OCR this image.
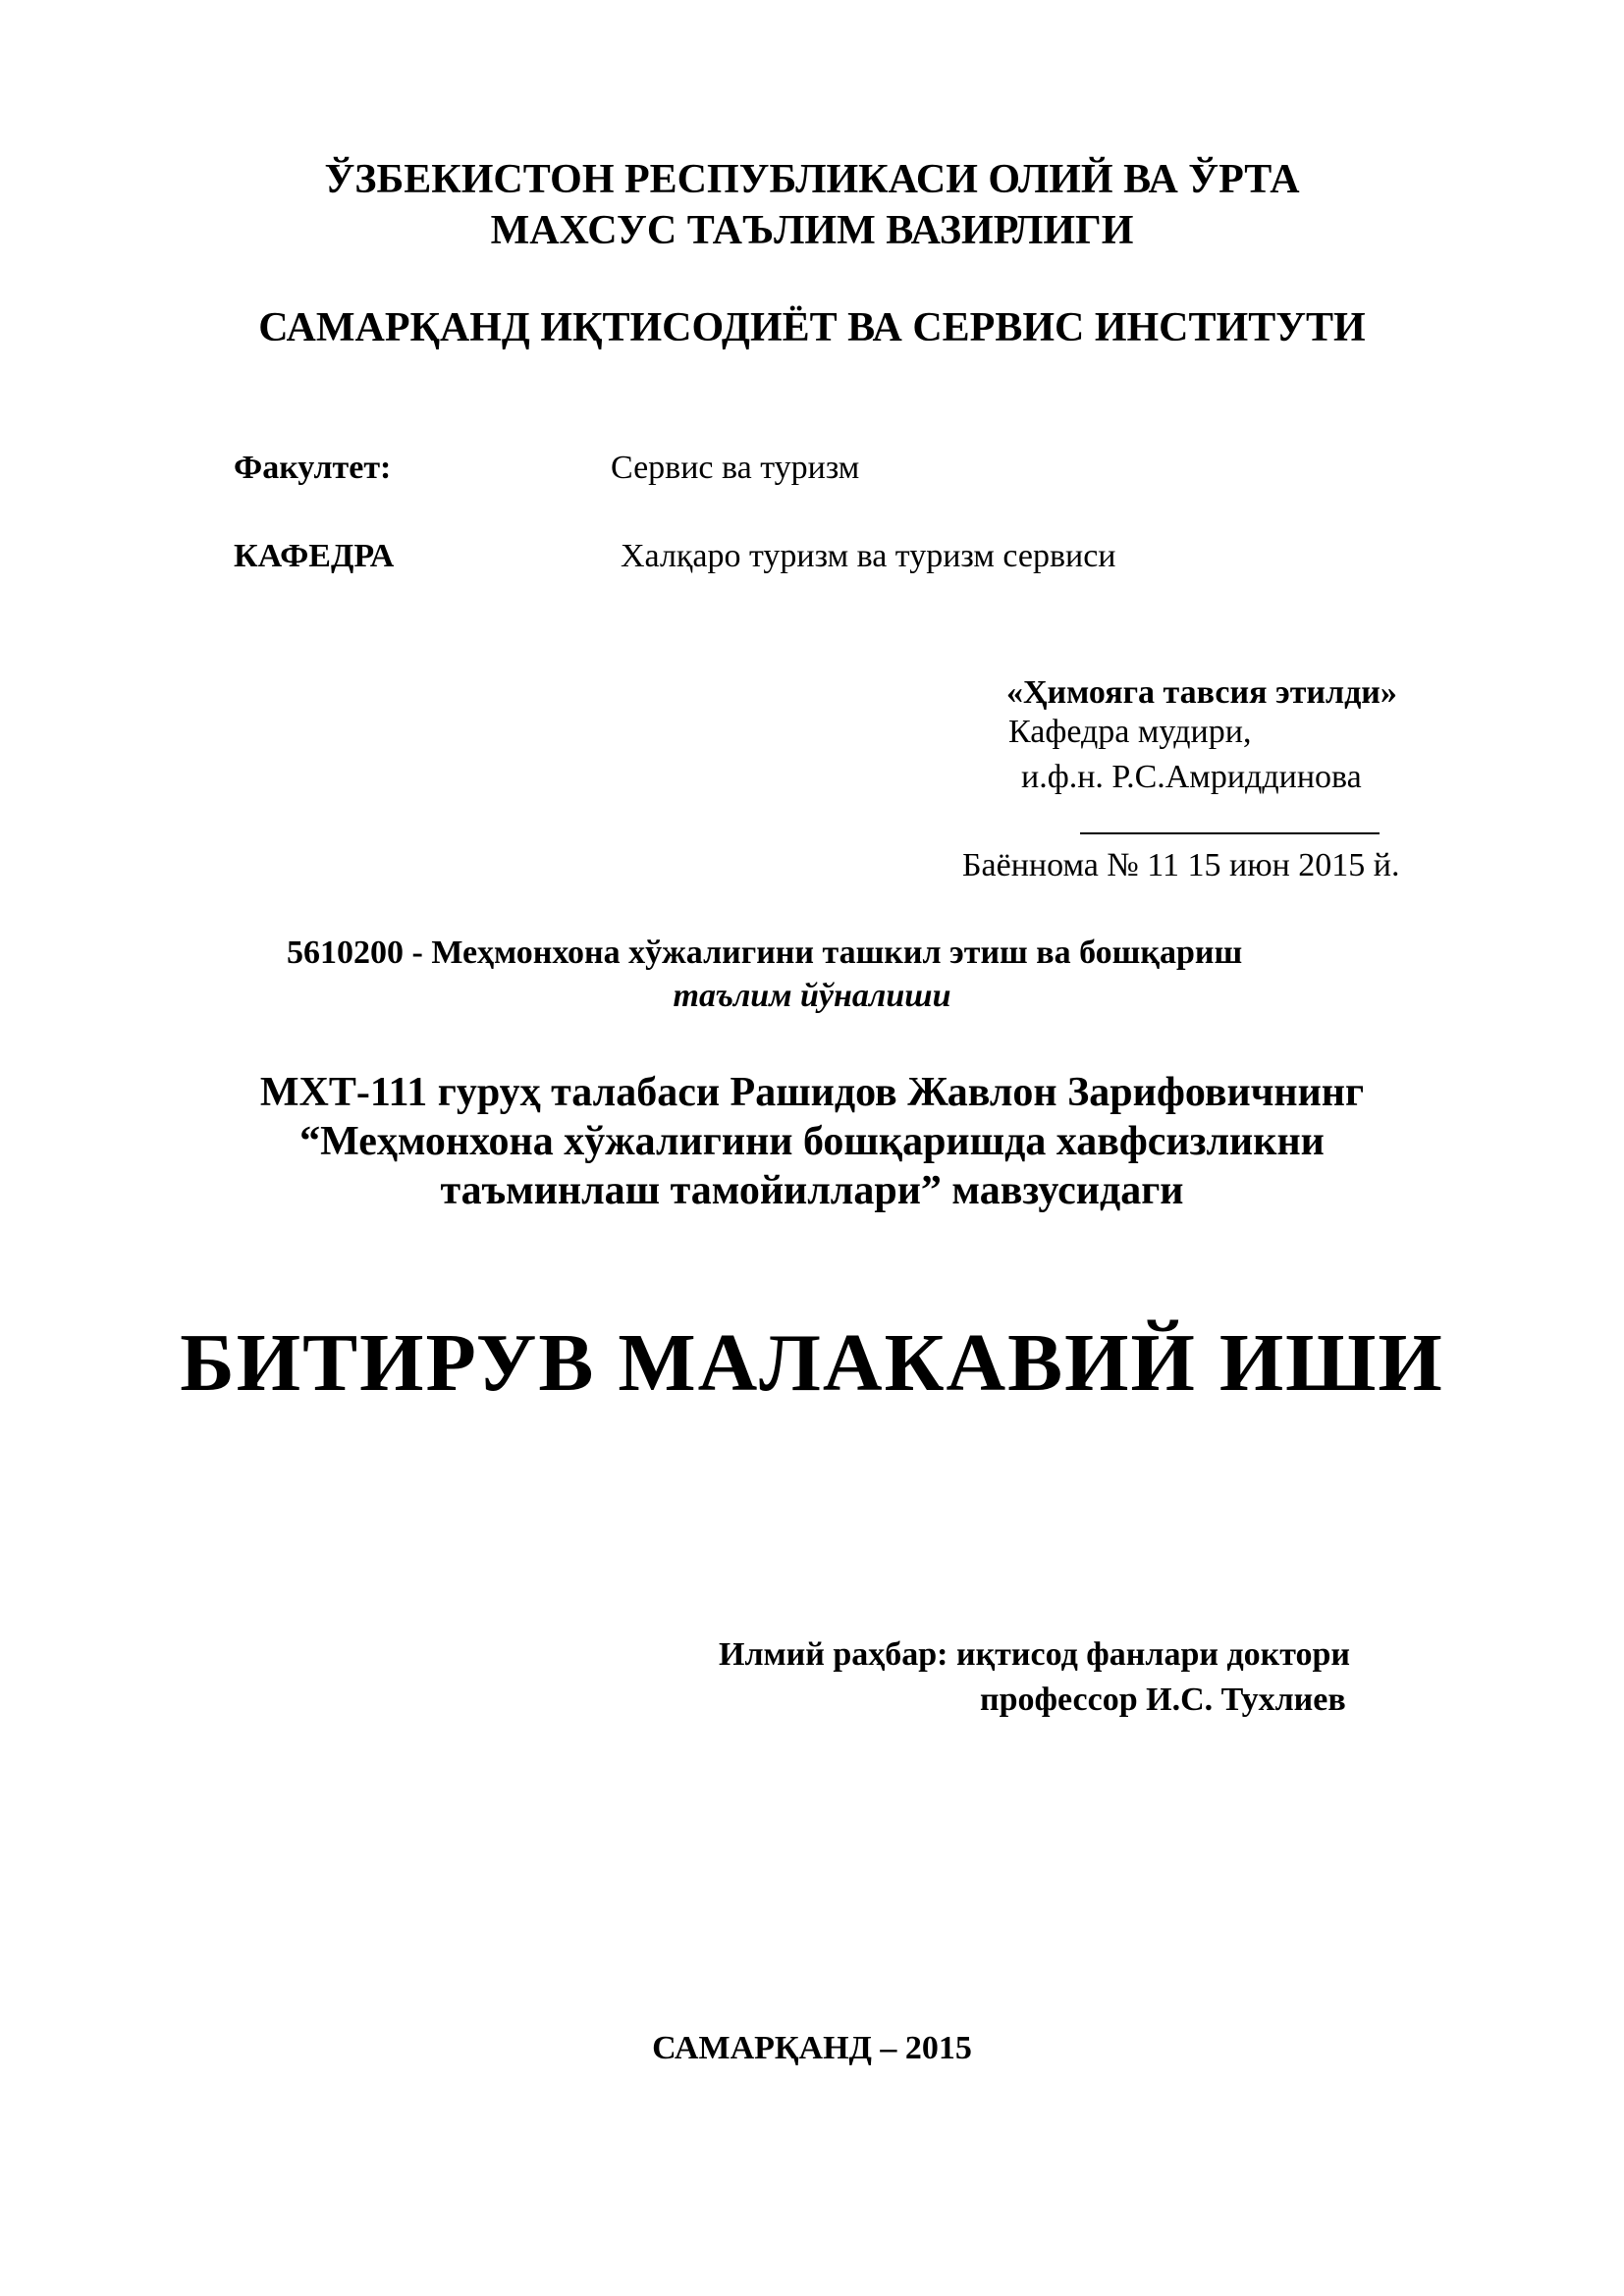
ЎЗБЕКИСТОН РЕСПУБЛИКАСИ ОЛИЙ ВА ЎРТА
МАХСУС ТАЪЛИМ ВАЗИРЛИГИ
САМАРҚАНД ИҚТИСОДИЁТ ВА СЕРВИС ИНСТИТУТИ
Факултет:	Сервис ва туризм
КАФЕДРА	Халқаро туризм ва туризм сервиси
«Ҳимояга тавсия этилди»
Кафедра мудири,
и.ф.н. Р.С.Амриддинова
Баённома № 11 15 июн 2015 й.
5610200 - Меҳмонхона хўжалигини ташкил этиш ва бошқариш
таълим йўналиши
МХТ-111 гуруҳ талабаси Рашидов Жавлон Зарифовичнинг
“Меҳмонхона хўжалигини бошқаришда хавфсизликни
таъминлаш тамойиллари” мавзусидаги
БИТИРУВ МАЛАКАВИЙ ИШИ
Илмий раҳбар: иқтисод фанлари доктори
профессор И.С. Тухлиев
САМАРҚАНД – 2015
